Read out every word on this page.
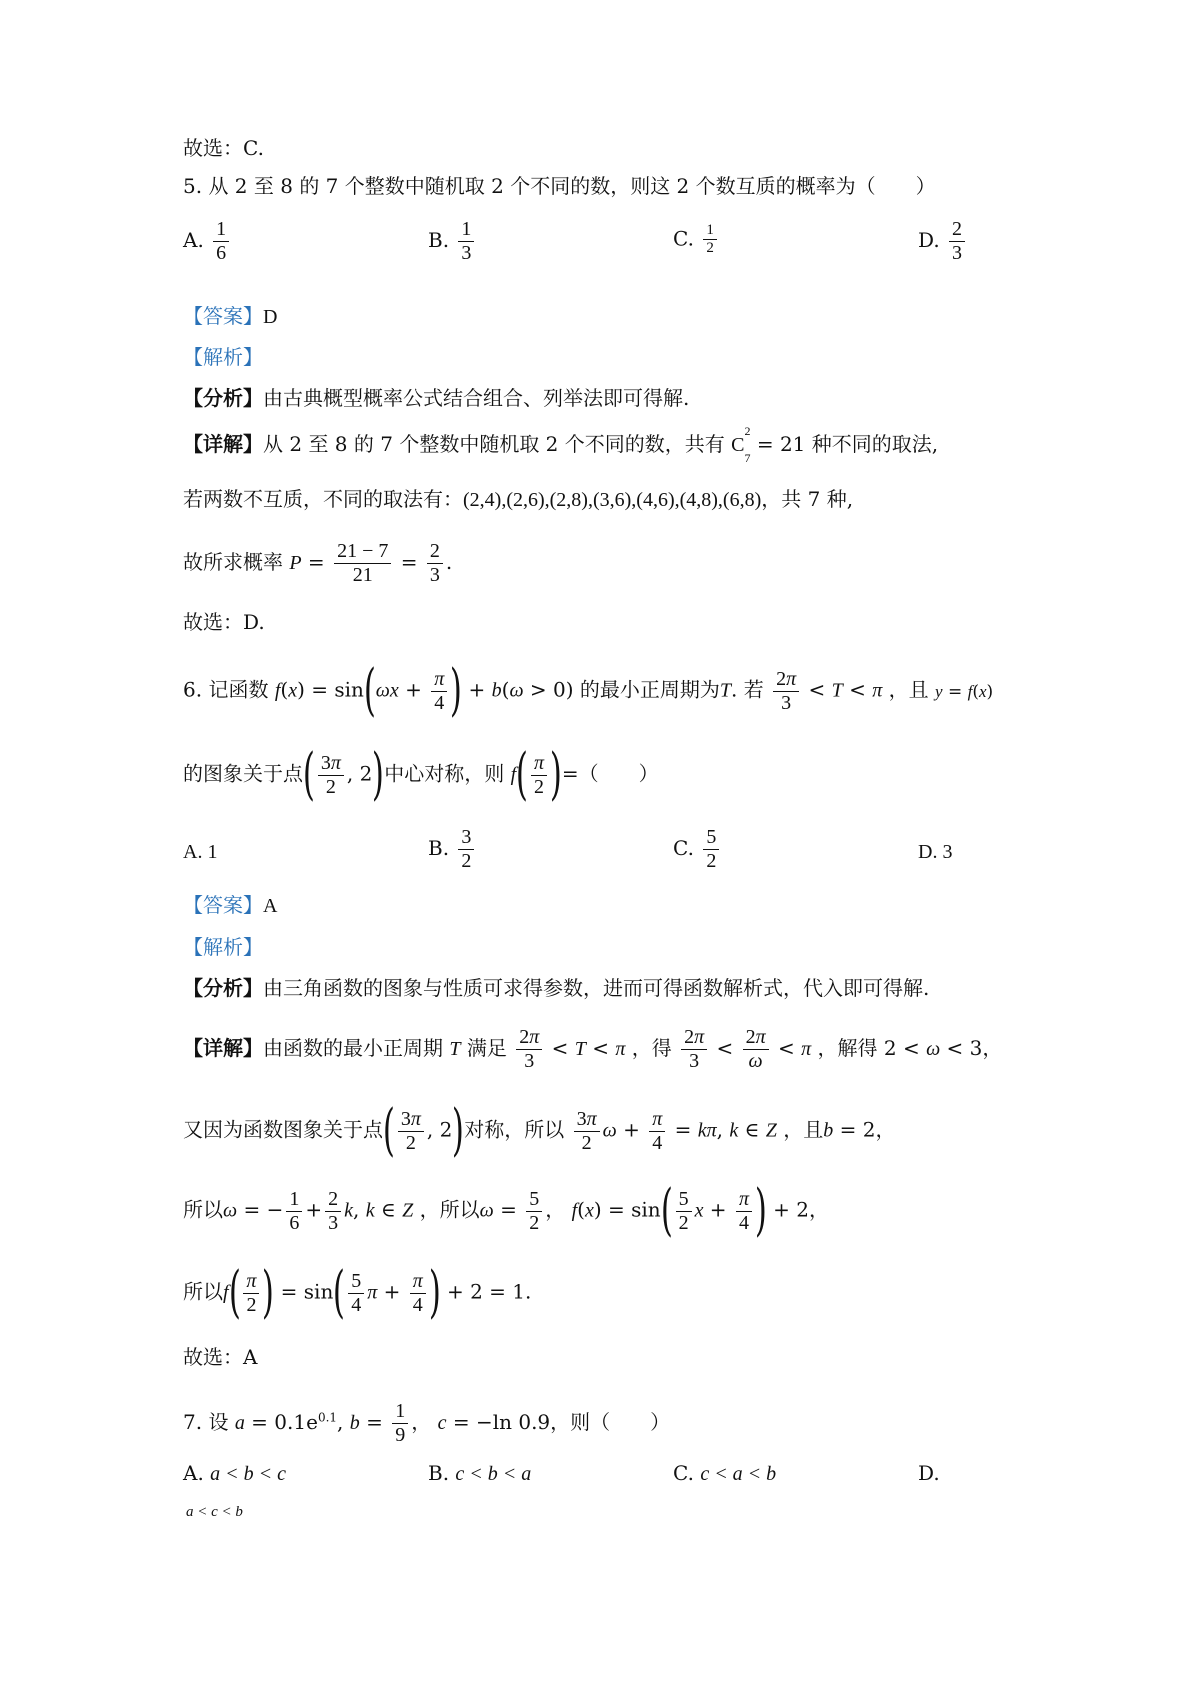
故选：C.
5. 从 2 至 8 的 7 个整数中随机取 2 个不同的数，则这 2 个数互质的概率为（　　）
A. $\frac{1}{6}$	B. $\frac{1}{3}$	C. $\frac{1}{2}$	D. $\frac{2}{3}$
【答案】D
【解析】
【分析】由古典概型概率公式结合组合、列举法即可得解.
【详解】从 2 至 8 的 7 个整数中随机取 2 个不同的数，共有 C
2
$_7$ = 21 种不同的取法,
若两数不互质，不同的取法有：(2,4),(2,6),(2,8),(3,6),(4,6),(4,8),(6,8)，共 7 种,
故所求概率 $P = \frac{21 - 7}{21} = \frac{2}{3}$ .
故选：D.
6. 记函数 $f(x) = \sin(\omega x + \frac{\pi}{4}$ ) + b(ω > 0) 的最小正周期为T. 若 $\frac{2\pi}{3} < T < \pi$ ，且 y = f(x)
的图象关于点( $\frac{3\pi}{2}$ , 2)中心对称，则 $f( \frac{\pi}{2}$ )=（　　）
A. 1	B. $\frac{3}{2}$	C. $\frac{5}{2}$	D. 3
【答案】A
【解析】
【分析】由三角函数的图象与性质可求得参数，进而可得函数解析式，代入即可得解.
【详解】由函数的最小正周期 T 满足 $\frac{2\pi}{3} < T < \pi$ ，得 $\frac{2\pi}{3} < \frac{2\pi}{\omega} < \pi$ ，解得 2 < ω < 3，
又因为函数图象关于点( $\frac{3\pi}{2}$ , 2)对称，所以 $\frac{3\pi}{2}$ $\omega + \frac{\pi}{4} = k\pi$, k ∈ Z ，且b = 2，
所以ω = − $\frac{1}{6} + \frac{2}{3} k$, k ∈ Z ，所以$\omega = \frac{5}{2}$ ， $f(x) = \sin( \frac{5}{2}$ $x + \frac{\pi}{4}$ ) + 2，
所以$f( \frac{\pi}{2}$ ) = $\sin( \frac{5}{4}$ $\pi + \frac{\pi}{4}$ ) + 2 = 1.
故选：A
7. 设 $a = 0.1e^{0.1}$, $b = \frac{1}{9}$ ， c = −ln 0.9，则（　　）
A. a < b < c	B. c < b < a	C. c < a < b	D.
a < c < b
